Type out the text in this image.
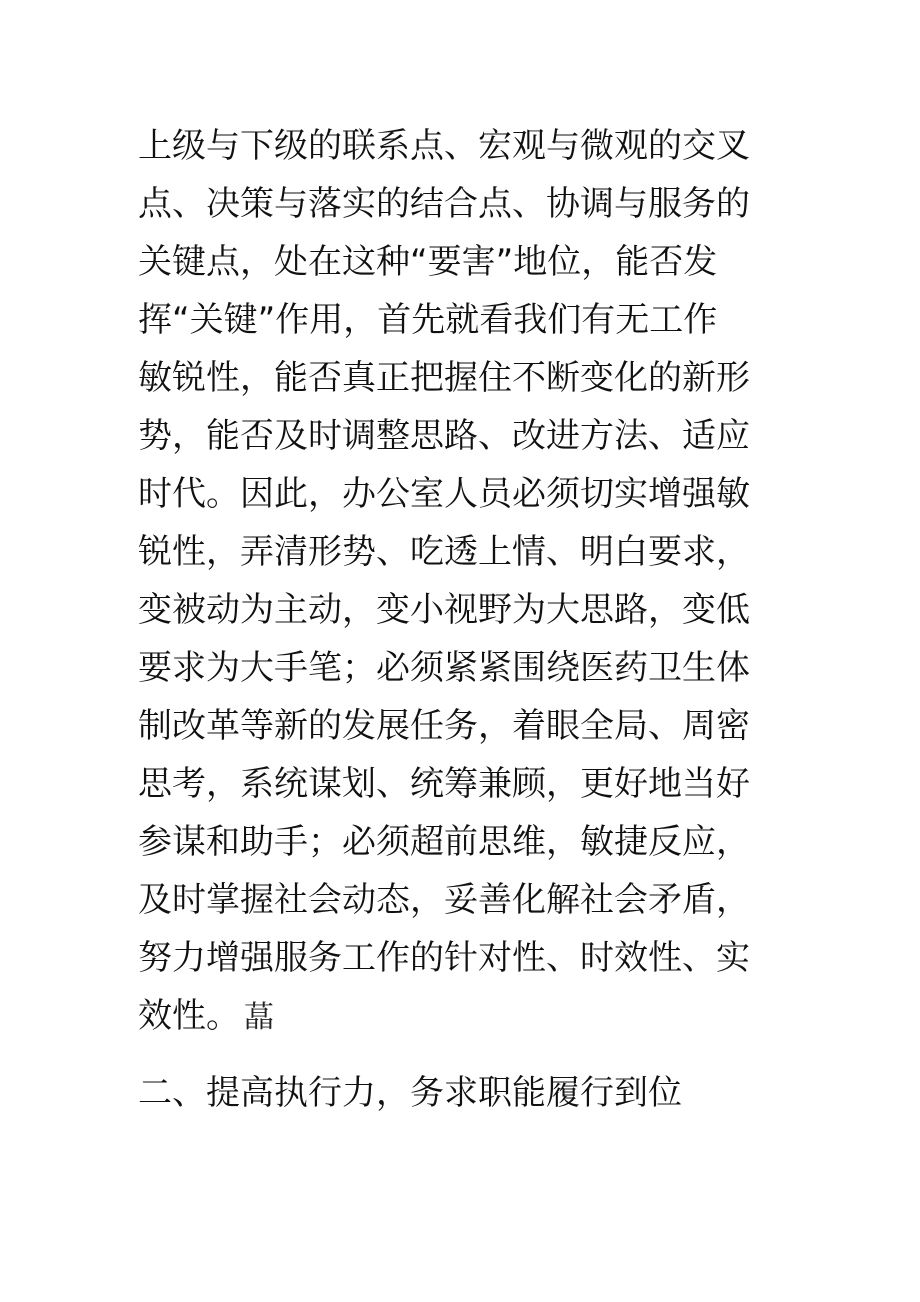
上级与下级的联系点、宏观与微观的交叉
点、决策与落实的结合点、协调与服务的
关键点，处在这种“要害”地位，能否发
挥“关键”作用，首先就看我们有无工作
敏锐性，能否真正把握住不断变化的新形
势，能否及时调整思路、改进方法、适应
时代。因此，办公室人员必须切实增强敏
锐性，弄清形势、吃透上情、明白要求，
变被动为主动，变小视野为大思路，变低
要求为大手笔；必须紧紧围绕医药卫生体
制改革等新的发展任务，着眼全局、周密
思考，系统谋划、统筹兼顾，更好地当好
参谋和助手；必须超前思维，敏捷反应，
及时掌握社会动态，妥善化解社会矛盾，
努力增强服务工作的针对性、时效性、实
效性。 蕌
二、提高执行力，务求职能履行到位
